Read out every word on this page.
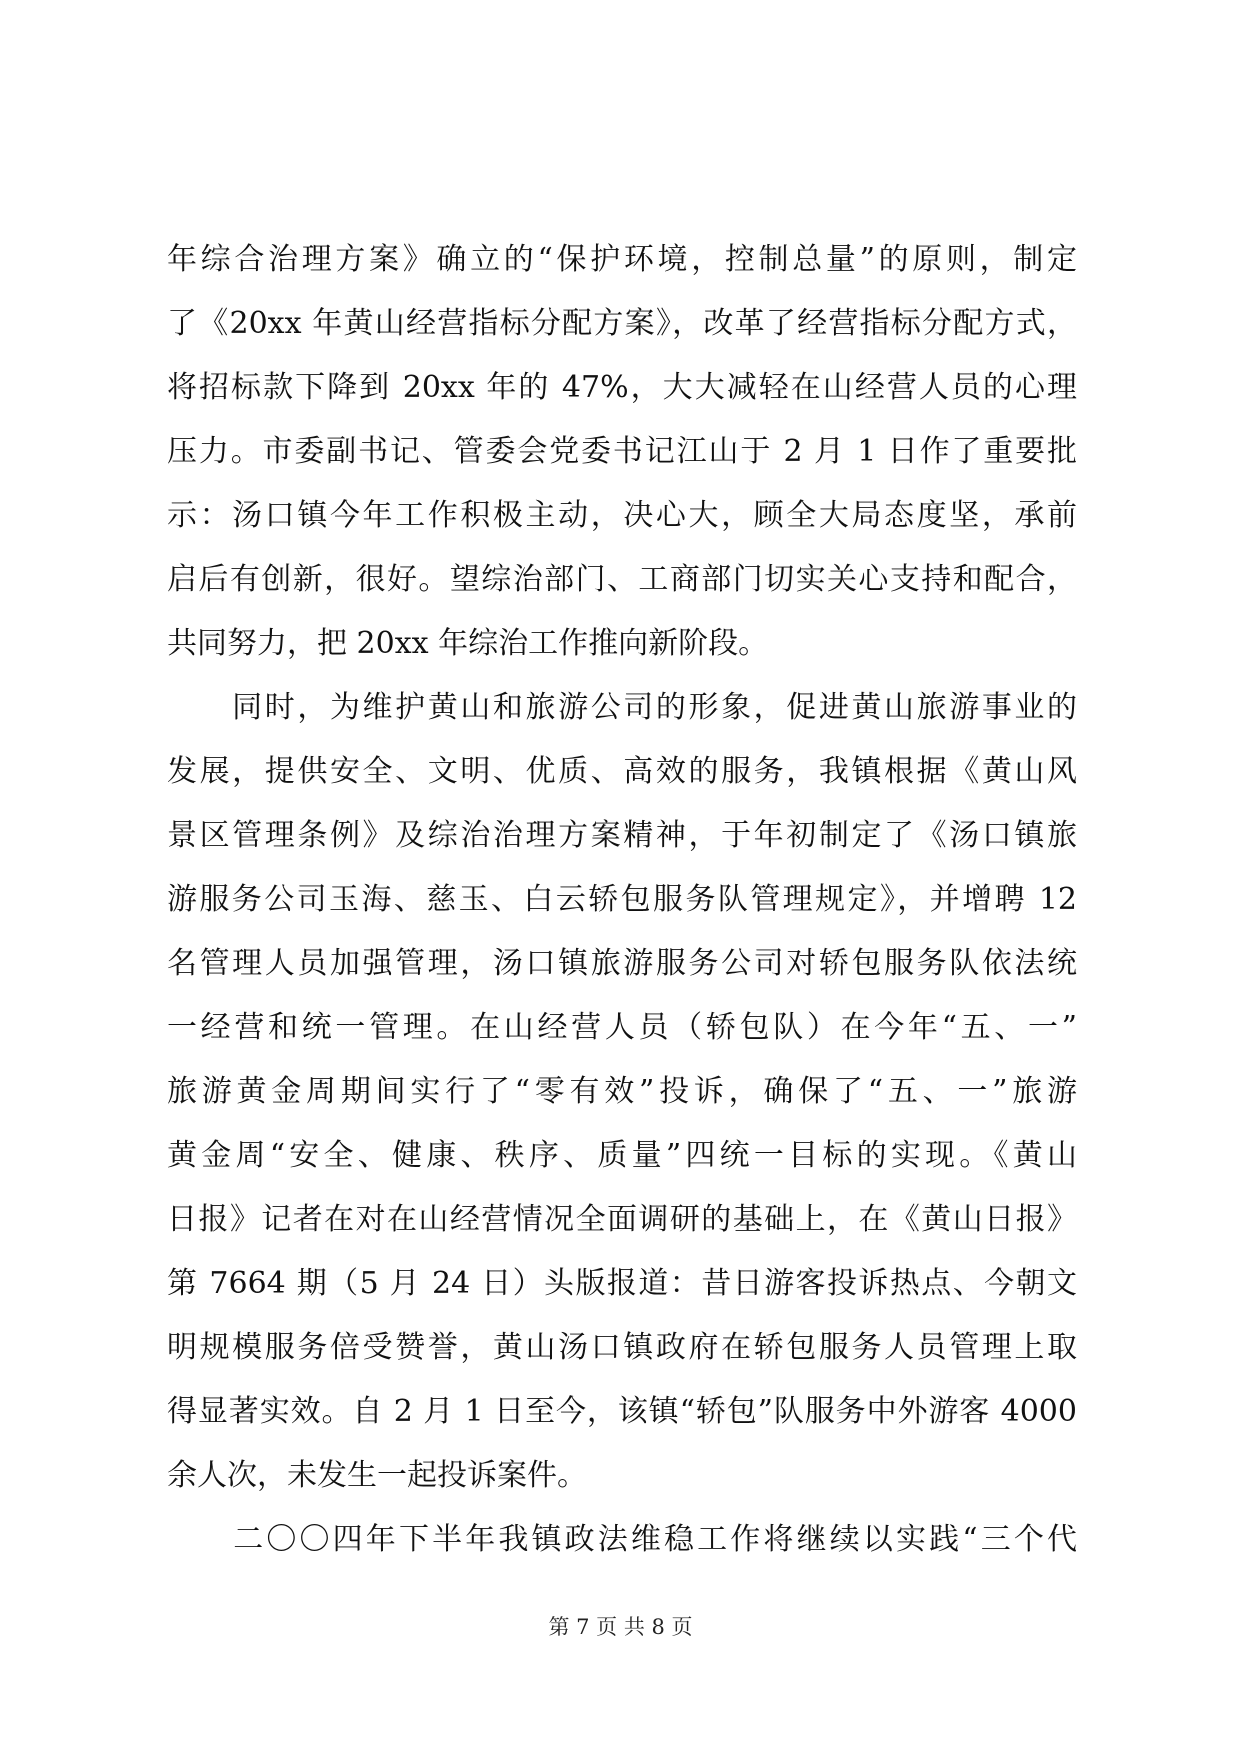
年综合治理方案》确立的“保护环境，控制总量”的原则，制定
了《20xx 年黄山经营指标分配方案》，改革了经营指标分配方式，
将招标款下降到 20xx 年的 47%，大大减轻在山经营人员的心理
压力。市委副书记、管委会党委书记江山于 2 月 1 日作了重要批
示：汤口镇今年工作积极主动，决心大，顾全大局态度坚，承前
启后有创新，很好。望综治部门、工商部门切实关心支持和配合，
共同努力，把 20xx 年综治工作推向新阶段。
　　同时，为维护黄山和旅游公司的形象，促进黄山旅游事业的
发展，提供安全、文明、优质、高效的服务，我镇根据《黄山风
景区管理条例》及综治治理方案精神，于年初制定了《汤口镇旅
游服务公司玉海、慈玉、白云轿包服务队管理规定》，并增聘 12
名管理人员加强管理，汤口镇旅游服务公司对轿包服务队依法统
一经营和统一管理。在山经营人员（轿包队）在今年“五、一”
旅游黄金周期间实行了“零有效”投诉，确保了“五、一”旅游
黄金周“安全、健康、秩序、质量”四统一目标的实现。《黄山
日报》记者在对在山经营情况全面调研的基础上，在《黄山日报》
第 7664 期（5 月 24 日）头版报道：昔日游客投诉热点、今朝文
明规模服务倍受赞誉，黄山汤口镇政府在轿包服务人员管理上取
得显著实效。自 2 月 1 日至今，该镇“轿包”队服务中外游客 4000
余人次，未发生一起投诉案件。
　　二〇〇四年下半年我镇政法维稳工作将继续以实践“三个代
第 7 页 共 8 页
